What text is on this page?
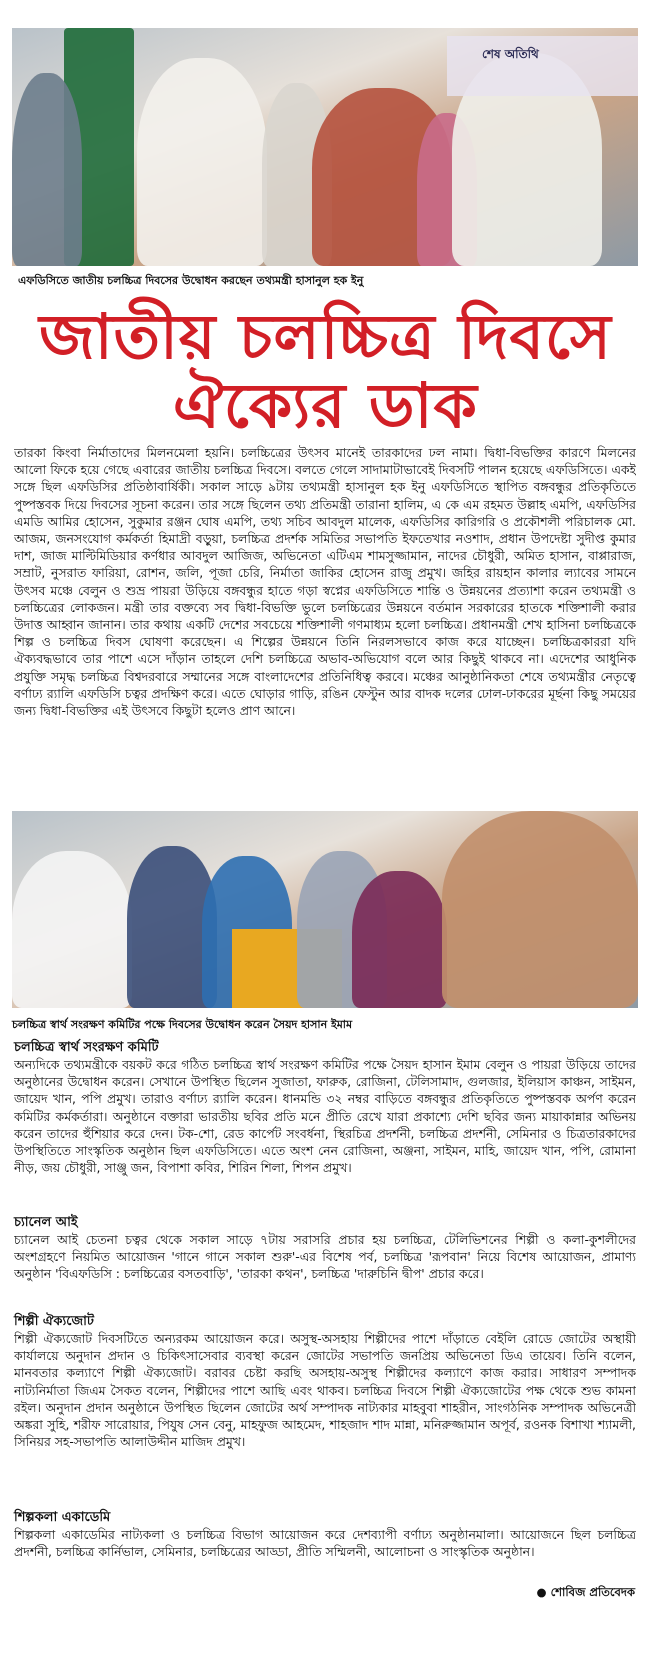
শেষ অতিথি
এফডিসিতে জাতীয় চলচ্চিত্র দিবসের উদ্বোধন করছেন তথ্যমন্ত্রী হাসানুল হক ইনু
জাতীয় চলচ্চিত্র দিবসে
ঐক্যের ডাক
তারকা কিংবা নির্মাতাদের মিলনমেলা হয়নি। চলচ্চিত্রের উৎসব মানেই তারকাদের ঢল নামা। দ্বিধা-বিভক্তির কারণে মিলনের আলো ফিকে হয়ে গেছে এবারের জাতীয় চলচ্চিত্র দিবসে। বলতে গেলে সাদামাটাভাবেই দিবসটি পালন হয়েছে এফডিসিতে। একই সঙ্গে ছিল এফডিসির প্রতিষ্ঠাবার্ষিকী। সকাল সাড়ে ৯টায় তথ্যমন্ত্রী হাসানুল হক ইনু এফডিসিতে স্থাপিত বঙ্গবন্ধুর প্রতিকৃতিতে পুষ্পস্তবক দিয়ে দিবসের সূচনা করেন। তার সঙ্গে ছিলেন তথ্য প্রতিমন্ত্রী তারানা হালিম, এ কে এম রহমত উল্লাহ এমপি, এফডিসির এমডি আমির হোসেন, সুকুমার রঞ্জন ঘোষ এমপি, তথ্য সচিব আবদুল মালেক, এফডিসির কারিগরি ও প্রকৌশলী পরিচালক মো. আজম, জনসংযোগ কর্মকর্তা হিমাদ্রী বড়ুয়া, চলচ্চিত্র প্রদর্শক সমিতির সভাপতি ইফতেখার নওশাদ, প্রধান উপদেষ্টা সুদীপ্ত কুমার দাশ, জাজ মাল্টিমিডিয়ার কর্ণধার আবদুল আজিজ, অভিনেতা এটিএম শামসুজ্জামান, নাদের চৌধুরী, অমিত হাসান, বাপ্পারাজ, সম্রাট, নুসরাত ফারিয়া, রোশন, জলি, পূজা চেরি, নির্মাতা জাকির হোসেন রাজু প্রমুখ। জহির রায়হান কালার ল্যাবের সামনে উৎসব মঞ্চে বেলুন ও শুভ্র পায়রা উড়িয়ে বঙ্গবন্ধুর হাতে গড়া স্বপ্নের এফডিসিতে শান্তি ও উন্নয়নের প্রত্যাশা করেন তথ্যমন্ত্রী ও চলচ্চিত্রের লোকজন। মন্ত্রী তার বক্তব্যে সব দ্বিধা-বিভক্তি ভুলে চলচ্চিত্রের উন্নয়নে বর্তমান সরকারের হাতকে শক্তিশালী করার উদাত্ত আহ্বান জানান। তার কথায় একটি দেশের সবচেয়ে শক্তিশালী গণমাধ্যম হলো চলচ্চিত্র। প্রধানমন্ত্রী শেখ হাসিনা চলচ্চিত্রকে শিল্প ও চলচ্চিত্র দিবস ঘোষণা করেছেন। এ শিল্পের উন্নয়নে তিনি নিরলসভাবে কাজ করে যাচ্ছেন। চলচ্চিত্রকাররা যদি ঐক্যবদ্ধভাবে তার পাশে এসে দাঁড়ান তাহলে দেশি চলচ্চিত্রে অভাব-অভিযোগ বলে আর কিছুই থাকবে না। এদেশের আধুনিক প্রযুক্তি সমৃদ্ধ চলচ্চিত্র বিশ্বদরবারে সম্মানের সঙ্গে বাংলাদেশের প্রতিনিধিত্ব করবে। মঞ্চের আনুষ্ঠানিকতা শেষে তথ্যমন্ত্রীর নেতৃত্বে বর্ণাঢ্য র‍্যালি এফডিসি চত্বর প্রদক্ষিণ করে। এতে ঘোড়ার গাড়ি, রঙিন ফেস্টুন আর বাদক দলের ঢোল-ঢাকরের মূর্ছনা কিছু সময়ের জন্য দ্বিধা-বিভক্তির এই উৎসবে কিছুটা হলেও প্রাণ আনে।
চলচ্চিত্র স্বার্থ সংরক্ষণ কমিটির পক্ষে দিবসের উদ্বোধন করেন সৈয়দ হাসান ইমাম
চলচ্চিত্র স্বার্থ সংরক্ষণ কমিটি
অন্যদিকে তথ্যমন্ত্রীকে বয়কট করে গঠিত চলচ্চিত্র স্বার্থ সংরক্ষণ কমিটির পক্ষে সৈয়দ হাসান ইমাম বেলুন ও পায়রা উড়িয়ে তাদের অনুষ্ঠানের উদ্বোধন করেন। সেখানে উপস্থিত ছিলেন সুজাতা, ফারুক, রোজিনা, টেলিসামাদ, গুলজার, ইলিয়াস কাঞ্চন, সাইমন, জায়েদ খান, পপি প্রমুখ। তারাও বর্ণাঢ্য র‍্যালি করেন। ধানমন্ডি ৩২ নম্বর বাড়িতে বঙ্গবন্ধুর প্রতিকৃতিতে পুষ্পস্তবক অর্পণ করেন কমিটির কর্মকর্তারা। অনুষ্ঠানে বক্তারা ভারতীয় ছবির প্রতি মনে প্রীতি রেখে যারা প্রকাশ্যে দেশি ছবির জন্য মায়াকান্নার অভিনয় করেন তাদের হুঁশিয়ার করে দেন। টক-শো, রেড কার্পেট সংবর্ধনা, স্থিরচিত্র প্রদর্শনী, চলচ্চিত্র প্রদর্শনী, সেমিনার ও চিত্রতারকাদের উপস্থিতিতে সাংস্কৃতিক অনুষ্ঠান ছিল এফডিসিতে। এতে অংশ নেন রোজিনা, অঞ্জনা, সাইমন, মাহি, জায়েদ খান, পপি, রোমানা নীড়, জয় চৌধুরী, সাঞ্জু জন, বিপাশা কবির, শিরিন শিলা, শিপন প্রমুখ।
চ্যানেল আই
চ্যানেল আই চেতনা চত্বর থেকে সকাল সাড়ে ৭টায় সরাসরি প্রচার হয় চলচ্চিত্র, টেলিভিশনের শিল্পী ও কলা-কুশলীদের অংশগ্রহণে নিয়মিত আয়োজন 'গানে গানে সকাল শুরু'-এর বিশেষ পর্ব, চলচ্চিত্র 'রূপবান' নিয়ে বিশেষ আয়োজন, প্রামাণ্য অনুষ্ঠান 'বিএফডিসি : চলচ্চিত্রের বসতবাড়ি', 'তারকা কথন', চলচ্চিত্র 'দারুচিনি দ্বীপ' প্রচার করে।
শিল্পী ঐক্যজোট
শিল্পী ঐক্যজোট দিবসটিতে অন্যরকম আয়োজন করে। অসুস্থ-অসহায় শিল্পীদের পাশে দাঁড়াতে বেইলি রোডে জোটের অস্থায়ী কার্যালয়ে অনুদান প্রদান ও চিকিৎসাসেবার ব্যবস্থা করেন জোটের সভাপতি জনপ্রিয় অভিনেতা ডিএ তায়েব। তিনি বলেন, মানবতার কল্যাণে শিল্পী ঐক্যজোট। বরাবর চেষ্টা করছি অসহায়-অসুস্থ শিল্পীদের কল্যাণে কাজ করার। সাধারণ সম্পাদক নাট্যনির্মাতা জিএম সৈকত বলেন, শিল্পীদের পাশে আছি এবং থাকব। চলচ্চিত্র দিবসে শিল্পী ঐক্যজোটের পক্ষ থেকে শুভ কামনা রইল। অনুদান প্রদান অনুষ্ঠানে উপস্থিত ছিলেন জোটের অর্থ সম্পাদক নাট্যকার মাহবুবা শাহরীন, সাংগঠনিক সম্পাদক অভিনেত্রী অঙ্করা সুহি, শরীফ সারোয়ার, পিযুষ সেন বেনু, মাহফুজ আহমেদ, শাহজাদ শাদ মান্না, মনিরুজ্জামান অপূর্ব, রওনক বিশাখা শ্যামলী, সিনিয়র সহ-সভাপতি আলাউদ্দীন মাজিদ প্রমুখ।
শিল্পকলা একাডেমি
শিল্পকলা একাডেমির নাট্যকলা ও চলচ্চিত্র বিভাগ আয়োজন করে দেশব্যাপী বর্ণাঢ্য অনুষ্ঠানমালা। আয়োজনে ছিল চলচ্চিত্র প্রদর্শনী, চলচ্চিত্র কার্নিভাল, সেমিনার, চলচ্চিত্রের আড্ডা, প্রীতি সম্মিলনী, আলোচনা ও সাংস্কৃতিক অনুষ্ঠান।
● শোবিজ প্রতিবেদক
